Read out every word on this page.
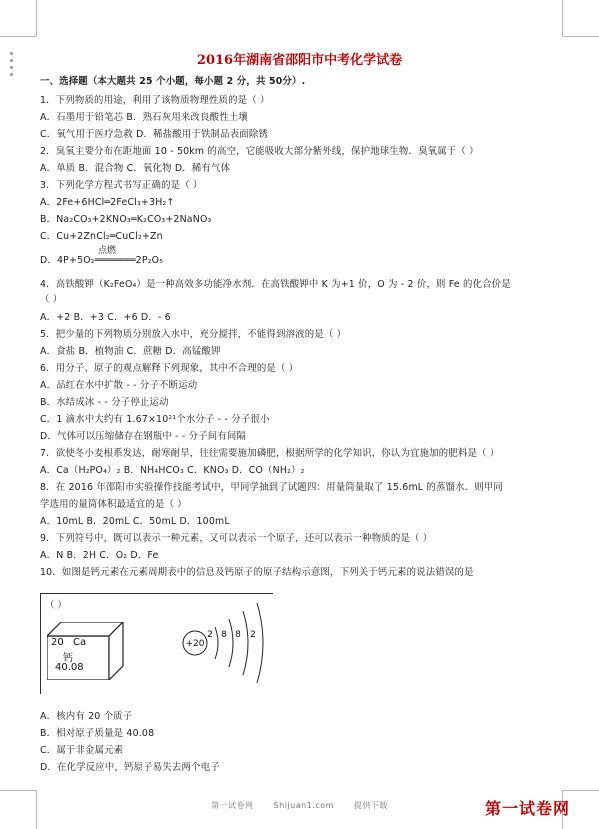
2016年湖南省邵阳市中考化学试卷
一、选择题（本大题共 25 个小题，每小题 2 分，共 50分）.
1．下列物质的用途，利用了该物质物理性质的是（ ）
A．石墨用于铅笔芯 B．熟石灰用来改良酸性土壤
C．氧气用于医疗急救 D．稀盐酸用于铁制品表面除锈
2．臭氧主要分布在距地面 10 - 50km 的高空，它能吸收大部分紫外线，保护地球生物．臭氧属于（ ）
A．单质 B．混合物 C．氧化物 D．稀有气体
3．下列化学方程式书写正确的是（ ）
A．2Fe+6HCl═2FeCl₃+3H₂↑
B．Na₂CO₃+2KNO₃═K₂CO₃+2NaNO₃
C．Cu+2ZnCl₂═CuCl₂+Zn
点燃
D．4P+5O₂═══════2P₂O₅
4．高铁酸钾（K₂FeO₄）是一种高效多功能净水剂．在高铁酸钾中 K 为+1 价，O 为 - 2 价，则 Fe 的化合价是
（ ）
A．+2 B．+3 C．+6 D．- 6
5．把少量的下列物质分别放入水中，充分搅拌，不能得到溶液的是（ ）
A．食盐 B．植物油 C．蔗糖 D．高锰酸钾
6．用分子、原子的观点解释下列现象，其中不合理的是（ ）
A．品红在水中扩散 - - 分子不断运动
B．水结成冰 - - 分子停止运动
C．1 滴水中大约有 1.67×10²¹个水分子 - - 分子很小
D．气体可以压缩储存在钢瓶中 - - 分子间有间隔
7．欲使冬小麦根系发达，耐寒耐旱，往往需要施加磷肥，根据所学的化学知识，你认为宜施加的肥料是（ ）
A．Ca（H₂PO₄）₂ B．NH₄HCO₃ C．KNO₃ D．CO（NH₂）₂
8．在 2016 年邵阳市实验操作技能考试中，甲同学抽到了试题四：用量筒量取了 15.6mL 的蒸馏水．则甲同
学选用的量筒体积最适宜的是（ ）
A．10mL B．20mL C．50mL D．100mL
9．下列符号中，既可以表示一种元素，又可以表示一个原子，还可以表示一种物质的是（ ）
A．N B．2H C．O₂ D．Fe
10．如图是钙元素在元素周期表中的信息及钙原子的原子结构示意图，下列关于钙元素的说法错误的是
（ ）
20 Ca
钙
40.08
+20
2 8 8 2
A．核内有 20 个质子
B．相对原子质量是 40.08
C．属于非金属元素
D．在化学反应中，钙原子易失去两个电子
第一试卷网	Shijuan1.com	提供下载	第一试卷网
